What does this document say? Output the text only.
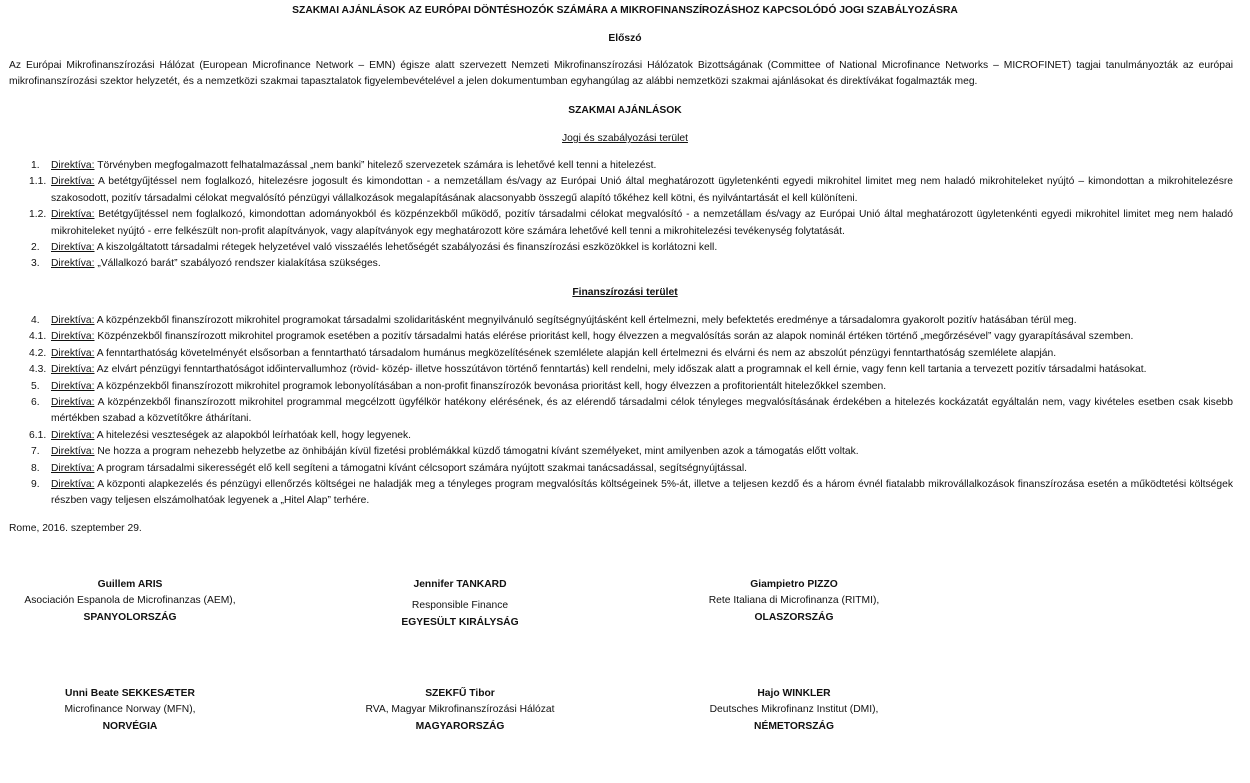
SZAKMAI AJÁNLÁSOK AZ EURÓPAI DÖNTÉSHOZÓK SZÁMÁRA A MIKROFINANSZÍROZÁSHOZ KAPCSOLÓDÓ JOGI SZABÁLYOZÁSRA
Előszó
Az Európai Mikrofinanszírozási Hálózat (European Microfinance Network – EMN) égisze alatt szervezett Nemzeti Mikrofinanszírozási Hálózatok Bizottságának (Committee of National Microfinance Networks – MICROFINET) tagjai tanulmányozták az európai mikrofinanszírozási szektor helyzetét, és a nemzetközi szakmai tapasztalatok figyelembevételével a jelen dokumentumban egyhangúlag az alábbi nemzetközi szakmai ajánlásokat és direktívákat fogalmazták meg.
SZAKMAI AJÁNLÁSOK
Jogi és szabályozási terület
1.	Direktíva: Törvényben megfogalmazott felhatalmazással „nem banki” hitelező szervezetek számára is lehetővé kell tenni a hitelezést.
1.1. Direktíva: A betétgyűjtéssel nem foglalkozó, hitelezésre jogosult és kimondottan - a nemzetállam és/vagy az Európai Unió által meghatározott ügyletenkénti egyedi mikrohitel limitet meg nem haladó mikrohiteleket nyújtó – kimondottan a mikrohitelezésre szakosodott, pozitív társadalmi célokat megvalósító pénzügyi vállalkozások megalapításának alacsonyabb összegű alapító tőkéhez kell kötni, és nyilvántartását el kell különíteni.
1.2. Direktíva: Betétgyűjtéssel nem foglalkozó, kimondottan adományokból és közpénzekből működő, pozitív társadalmi célokat megvalósító - a nemzetállam és/vagy az Európai Unió által meghatározott ügyletenkénti egyedi mikrohitel limitet meg nem haladó mikrohiteleket nyújtó - erre felkészült non-profit alapítványok, vagy alapítványok egy meghatározott köre számára lehetővé kell tenni a mikrohitelezési tevékenység folytatását.
2.	Direktíva: A kiszolgáltatott társadalmi rétegek helyzetével való visszaélés lehetőségét szabályozási és finanszírozási eszközökkel is korlátozni kell.
3.	Direktíva: „Vállalkozó barát” szabályozó rendszer kialakítása szükséges.
Finanszírozási terület
4.	Direktíva: A közpénzekből finanszírozott mikrohitel programokat társadalmi szolidaritásként megnyilvánuló segítségnyújtásként kell értelmezni, mely befektetés eredménye a társadalomra gyakorolt pozitív hatásában térül meg.
4.1. Direktíva: Közpénzekből finanszírozott mikrohitel programok esetében a pozitív társadalmi hatás elérése prioritást kell, hogy élvezzen a megvalósítás során az alapok nominál értéken történő „megőrzésével” vagy gyarapításával szemben.
4.2. Direktíva: A fenntarthatóság követelményét elsősorban a fenntartható társadalom humánus megközelítésének szemlélete alapján kell értelmezni és elvárni és nem az abszolút pénzügyi fenntarthatóság szemlélete alapján.
4.3. Direktíva: Az elvárt pénzügyi fenntarthatóságot időintervallumhoz (rövid- közép- illetve hosszútávon történő fenntartás) kell rendelni, mely időszak alatt a programnak el kell érnie, vagy fenn kell tartania a tervezett pozitív társadalmi hatásokat.
5.	Direktíva: A közpénzekből finanszírozott mikrohitel programok lebonyolításában a non-profit finanszírozók bevonása prioritást kell, hogy élvezzen a profitorientált hitelezőkkel szemben.
6.	Direktíva: A közpénzekből finanszírozott mikrohitel programmal megcélzott ügyfélkör hatékony elérésének, és az elérendő társadalmi célok tényleges megvalósításának érdekében a hitelezés kockázatát egyáltalán nem, vagy kivételes esetben csak kisebb mértékben szabad a közvetítőkre áthárítani.
6.1. Direktíva: A hitelezési veszteségek az alapokból leírhatóak kell, hogy legyenek.
7.	Direktíva: Ne hozza a program nehezebb helyzetbe az önhibáján kívül fizetési problémákkal küzdő támogatni kívánt személyeket, mint amilyenben azok a támogatás előtt voltak.
8.	Direktíva: A program társadalmi sikerességét elő kell segíteni a támogatni kívánt célcsoport számára nyújtott szakmai tanácsadással, segítségnyújtással.
9.	Direktíva: A központi alapkezelés és pénzügyi ellenőrzés költségei ne haladják meg a tényleges program megvalósítás költségeinek 5%-át, illetve a teljesen kezdő és a három évnél fiatalabb mikrovállalkozások finanszírozása esetén a működtetési költségek részben vagy teljesen elszámolhatóak legyenek a „Hitel Alap” terhére.
Rome, 2016. szeptember 29.
Guillem ARIS
Asociación Espanola de Microfinanzas (AEM),
SPANYOLORSZÁG
Jennifer TANKARD
Responsible Finance
EGYESÜLT KIRÁLYSÁG
Giampietro PIZZO
Rete Italiana di Microfinanza (RITMI),
OLASZORSZÁG
Unni Beate SEKKESÆTER
Microfinance Norway (MFN),
NORVÉGIA
SZEKFŰ Tibor
RVA, Magyar Mikrofinanszírozási Hálózat
MAGYARORSZÁG
Hajo WINKLER
Deutsches Mikrofinanz Institut (DMI),
NÉMETORSZÁG
